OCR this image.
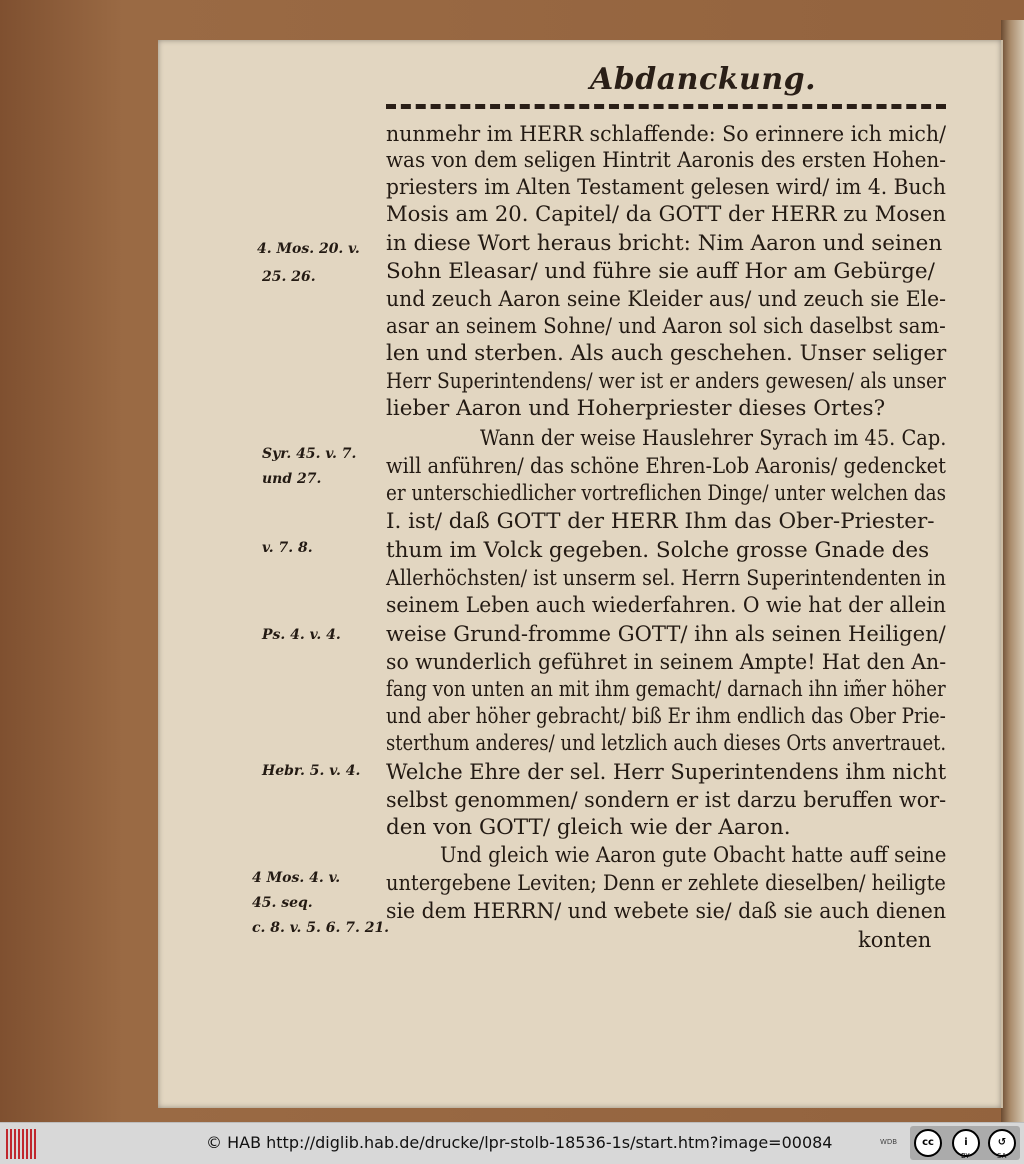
Abdanckung.
nunmehr im HERR schlaffende: So erinnere ich mich/
was von dem seligen Hintrit Aaronis des ersten Hohen-
priesters im Alten Testament gelesen wird/ im 4. Buch
Mosis am 20. Capitel/ da GOTT der HERR zu Mosen
in diese Wort heraus bricht: Nim Aaron und seinen
Sohn Eleasar/ und führe sie auff Hor am Gebürge/
und zeuch Aaron seine Kleider aus/ und zeuch sie Ele-
asar an seinem Sohne/ und Aaron sol sich daselbst sam-
len und sterben. Als auch geschehen. Unser seliger
Herr Superintendens/ wer ist er anders gewesen/ als unser
lieber Aaron und Hoherpriester dieses Ortes?
Wann der weise Hauslehrer Syrach im 45. Cap.
will anführen/ das schöne Ehren-Lob Aaronis/ gedencket
er unterschiedlicher vortreflichen Dinge/ unter welchen das
I. ist/ daß GOTT der HERR Ihm das Ober-Priester-
thum im Volck gegeben. Solche grosse Gnade des
Allerhöchsten/ ist unserm sel. Herrn Superintendenten in
seinem Leben auch wiederfahren. O wie hat der allein
weise Grund-fromme GOTT/ ihn als seinen Heiligen/
so wunderlich geführet in seinem Ampte! Hat den An-
fang von unten an mit ihm gemacht/ darnach ihn im̃er höher
und aber höher gebracht/ biß Er ihm endlich das Ober Prie-
sterthum anderes/ und letzlich auch dieses Orts anvertrauet.
Welche Ehre der sel. Herr Superintendens ihm nicht
selbst genommen/ sondern er ist darzu beruffen wor-
den von GOTT/ gleich wie der Aaron.
Und gleich wie Aaron gute Obacht hatte auff seine
untergebene Leviten; Denn er zehlete dieselben/ heiligte
sie dem HERRN/ und webete sie/ daß sie auch dienen
konten
4. Mos. 20. v.
25. 26.
Syr. 45. v. 7.
und 27.
v. 7. 8.
Ps. 4. v. 4.
Hebr. 5. v. 4.
4 Mos. 4. v.
45. seq.
c. 8. v. 5. 6. 7. 21.
© HAB http://diglib.hab.de/drucke/lpr-stolb-18536-1s/start.htm?image=00084	WDB	cc	i	↺
BY	SA
